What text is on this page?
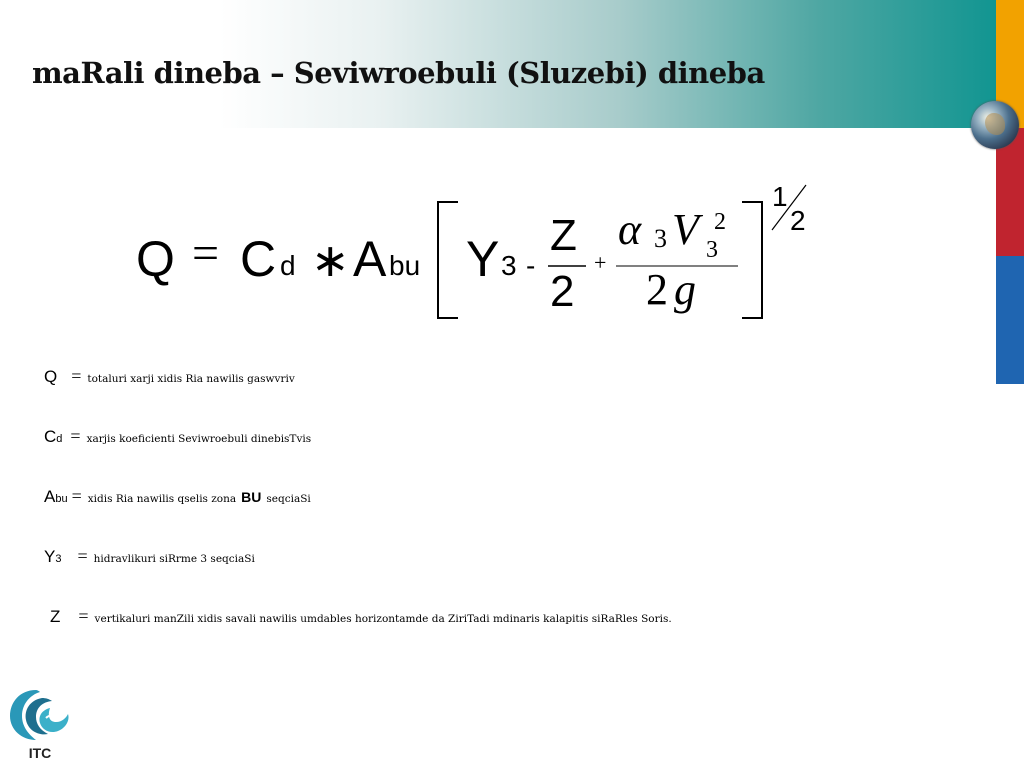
maRali dineba – Seviwroebuli (Sluzebi) dineba
Q = C d ∗ A bu Y 3 -
Z
2
+
α 3 V 3
2
2 g
1
2
Q = totaluri xarji xidis Ria nawilis gaswvriv
C d = xarjis koeficienti Seviwroebuli dinebisTvis
A bu = xidis Ria nawilis qselis zona BU seqciaSi
Y 3 = hidravlikuri siRrme 3 seqciaSi
Z = vertikaluri manZili xidis savali nawilis umdables horizontamde da ZiriTadi mdinaris kalapitis siRaRles Soris.
ITC
